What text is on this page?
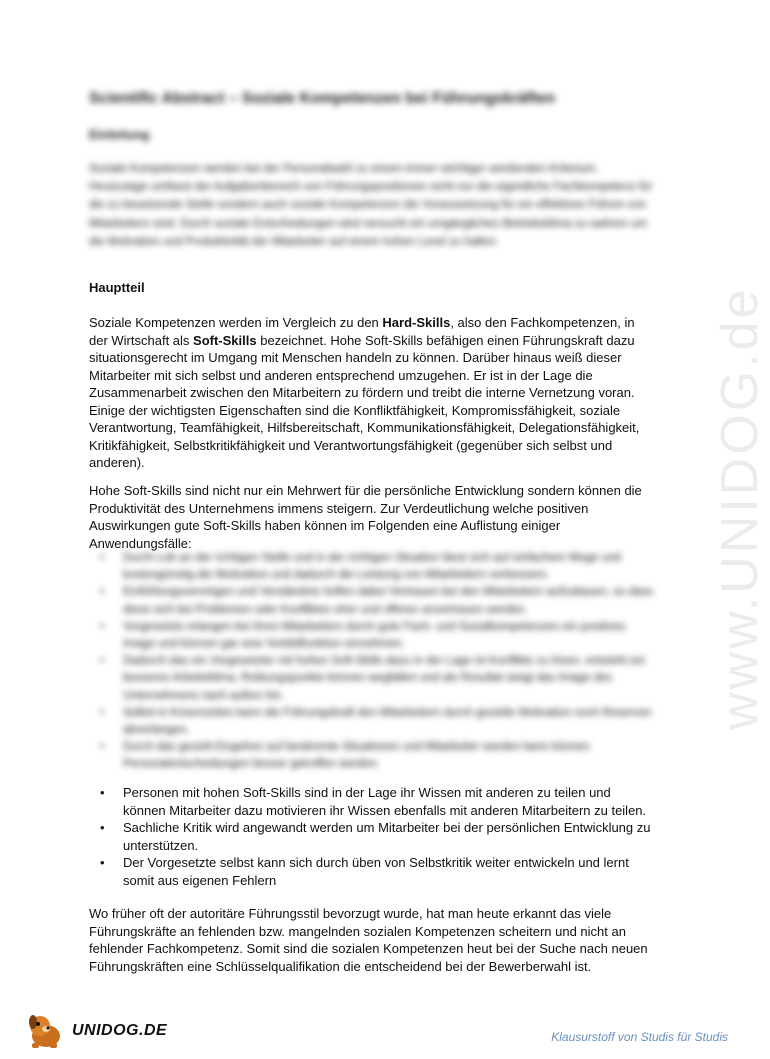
www.UNIDOG.de
Scientific Abstract – Soziale Kompetenzen bei Führungskräften
Einleitung

Soziale Kompetenzen werden bei der Personalwahl zu einem immer wichtiger werdenden Kriterium. Heutzutage umfasst der Aufgabenbereich von Führungspositionen nicht nur die eigentliche Fachkompetenz für die zu besetzende Stelle sondern auch soziale Kompetenzen die Voraussetzung für ein effektives Führen von Mitarbeitern sind. Durch soziale Entscheidungen wird versucht ein umgängliches Betriebsklima zu wahren um die Motivation und Produktivität der Mitarbeiter auf einem hohen Level zu halten.

Hauptteil

Soziale Kompetenzen werden im Vergleich zu den Hard-Skills, also den Fachkompetenzen, in der Wirtschaft als Soft-Skills bezeichnet. Hohe Soft-Skills befähigen einen Führungskraft dazu situationsgerecht im Umgang mit Menschen handeln zu können. Darüber hinaus weiß dieser Mitarbeiter mit sich selbst und anderen entsprechend umzugehen. Er ist in der Lage die Zusammenarbeit zwischen den Mitarbeitern zu fördern und treibt die interne Vernetzung voran. Einige der wichtigsten Eigenschaften sind die Konfliktfähigkeit, Kompromissfähigkeit, soziale Verantwortung, Teamfähigkeit, Hilfsbereitschaft, Kommunikationsfähigkeit, Delegationsfähigkeit, Kritikfähigkeit, Selbstkritikfähigkeit und Verantwortungsfähigkeit (gegenüber sich selbst und anderen).

Hohe Soft-Skills sind nicht nur ein Mehrwert für die persönliche Entwicklung sondern können die Produktivität des Unternehmens immens steigern. Zur Verdeutlichung welche positiven Auswirkungen gute Soft-Skills haben können im Folgenden eine Auflistung einiger Anwendungsfälle:

• Durch Lob an der richtigen Stelle und in der richtigen Situation lässt sich auf einfachem Wege und kostengünstig die Motivation und dadurch die Leistung von Mitarbeitern verbessern.
• Einfühlungsvermögen und Verständnis helfen dabei Vertrauen bei den Mitarbeitern aufzubauen, so dass diese sich bei Problemen oder Konflikten eher und offener anvertrauen werden.
• Vorgesetzte erlangen bei ihren Mitarbeitern durch gute Fach- und Sozialkompetenzen ein positives Image und können gar eine Vorbildfunktion einnehmen.
• Dadurch das ein Vorgesetzter mit hohen Soft-Skills dazu in der Lage ist Konflikte zu lösen, entsteht ein besseres Arbeitsklima, Reibungspunkte können wegfallen und als Resultat steigt das Image des Unternehmens nach außen hin.
• Selbst in Krisenzeiten kann die Führungskraft den Mitarbeitern durch gezielte Motivation noch Reserven abverlangen.
• Durch das gezielt Eingehen auf bestimmte Situationen und Mitarbeiter werden kann können Personalentscheidungen besser getroffen werden.
• Personen mit hohen Soft-Skills sind in der Lage ihr Wissen mit anderen zu teilen und können Mitarbeiter dazu motivieren ihr Wissen ebenfalls mit anderen Mitarbeitern zu teilen.
• Sachliche Kritik wird angewandt werden um Mitarbeiter bei der persönlichen Entwicklung zu unterstützen.
• Der Vorgesetzte selbst kann sich durch üben von Selbstkritik weiter entwickeln und lernt somit aus eigenen Fehlern

Wo früher oft der autoritäre Führungsstil bevorzugt wurde, hat man heute erkannt das viele Führungskräfte an fehlenden bzw. mangelnden sozialen Kompetenzen scheitern und nicht an fehlender Fachkompetenz. Somit sind die sozialen Kompetenzen heut bei der Suche nach neuen Führungskräften eine Schlüsselqualifikation die entscheidend bei der Bewerberwahl ist.

UNIDOG.DE	Klausurstoff von Studis für Studis
